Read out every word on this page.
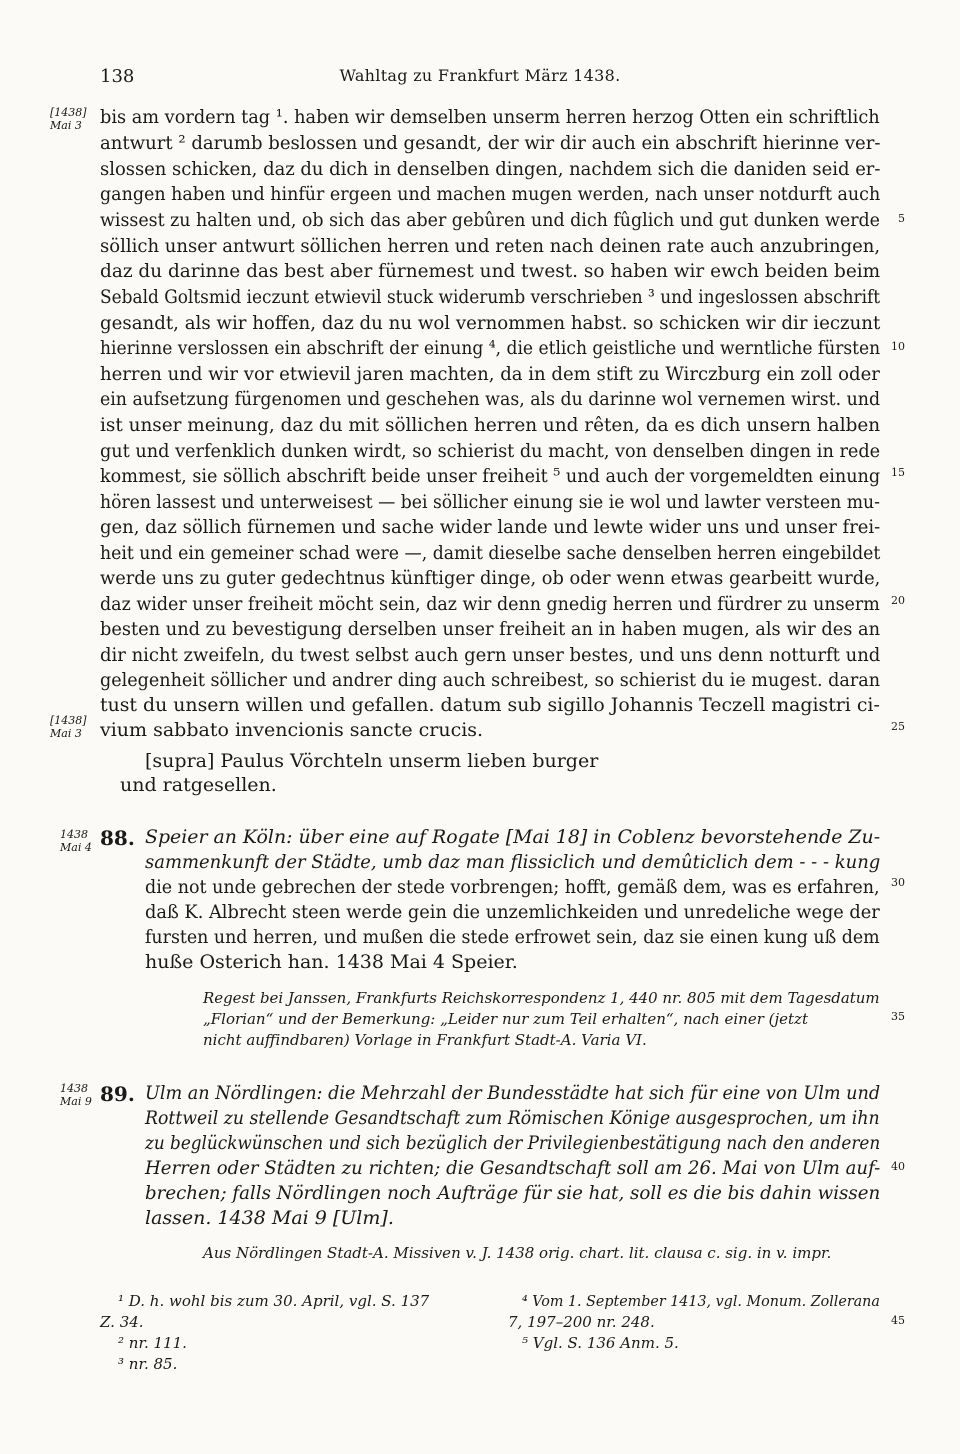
138	Wahltag zu Frankfurt März 1438.
[1438]
Mai 3
[1438]
Mai 3
1438
Mai 4
1438
Mai 9
5
10
15
20
25
30
35
40
45
bis am vordern tag ¹. haben wir demselben unserm herren herzog Otten ein schriftlich
antwurt ² darumb beslossen und gesandt, der wir dir auch ein abschrift hierinne ver-
slossen schicken, daz du dich in denselben dingen, nachdem sich die daniden seid er-
gangen haben und hinfür ergeen und machen mugen werden, nach unser notdurft auch
wissest zu halten und, ob sich das aber gebûren und dich fûglich und gut dunken werde
söllich unser antwurt söllichen herren und reten nach deinen rate auch anzubringen,
daz du darinne das best aber fürnemest und twest. so haben wir ewch beiden beim
Sebald Goltsmid ieczunt etwievil stuck widerumb verschrieben ³ und ingeslossen abschrift
gesandt, als wir hoffen, daz du nu wol vernommen habst. so schicken wir dir ieczunt
hierinne verslossen ein abschrift der einung ⁴, die etlich geistliche und werntliche fürsten
herren und wir vor etwievil jaren machten, da in dem stift zu Wirczburg ein zoll oder
ein aufsetzung fürgenomen und geschehen was, als du darinne wol vernemen wirst. und
ist unser meinung, daz du mit söllichen herren und rêten, da es dich unsern halben
gut und verfenklich dunken wirdt, so schierist du macht, von denselben dingen in rede
kommest, sie söllich abschrift beide unser freiheit ⁵ und auch der vorgemeldten einung
hören lassest und unterweisest — bei söllicher einung sie ie wol und lawter versteen mu-
gen, daz söllich fürnemen und sache wider lande und lewte wider uns und unser frei-
heit und ein gemeiner schad were —, damit dieselbe sache denselben herren eingebildet
werde uns zu guter gedechtnus künftiger dinge, ob oder wenn etwas gearbeitt wurde,
daz wider unser freiheit möcht sein, daz wir denn gnedig herren und fürdrer zu unserm
besten und zu bevestigung derselben unser freiheit an in haben mugen, als wir des an
dir nicht zweifeln, du twest selbst auch gern unser bestes, und uns denn notturft und
gelegenheit söllicher und andrer ding auch schreibest, so schierist du ie mugest. daran
tust du unsern willen und gefallen. datum sub sigillo Johannis Teczell magistri ci-
vium sabbato invencionis sancte crucis.
[supra] Paulus Vörchteln unserm lieben burger
und ratgesellen.
88. Speier an Köln: über eine auf Rogate [Mai 18] in Coblenz bevorstehende Zu-
sammenkunft der Städte, umb daz man flissiclich und demûticlich dem - - - kung
die not unde gebrechen der stede vorbrengen; hofft, gemäß dem, was es erfahren,
daß K. Albrecht steen werde gein die unzemlichkeiden und unredeliche wege der
fursten und herren, und mußen die stede erfrowet sein, daz sie einen kung uß dem
huße Osterich han. 1438 Mai 4 Speier.
Regest bei Janssen, Frankfurts Reichskorrespondenz 1, 440 nr. 805 mit dem Tagesdatum
„Florian“ und der Bemerkung: „Leider nur zum Teil erhalten“, nach einer (jetzt
nicht auffindbaren) Vorlage in Frankfurt Stadt-A. Varia VI.
89. Ulm an Nördlingen: die Mehrzahl der Bundesstädte hat sich für eine von Ulm und
Rottweil zu stellende Gesandtschaft zum Römischen Könige ausgesprochen, um ihn
zu beglückwünschen und sich bezüglich der Privilegienbestätigung nach den anderen
Herren oder Städten zu richten; die Gesandtschaft soll am 26. Mai von Ulm auf-
brechen; falls Nördlingen noch Aufträge für sie hat, soll es die bis dahin wissen
lassen. 1438 Mai 9 [Ulm].
Aus Nördlingen Stadt-A. Missiven v. J. 1438 orig. chart. lit. clausa c. sig. in v. impr.
¹ D. h. wohl bis zum 30. April, vgl. S. 137
Z. 34.
² nr. 111.
³ nr. 85.
⁴ Vom 1. September 1413, vgl. Monum. Zollerana
7, 197–200 nr. 248.
⁵ Vgl. S. 136 Anm. 5.
